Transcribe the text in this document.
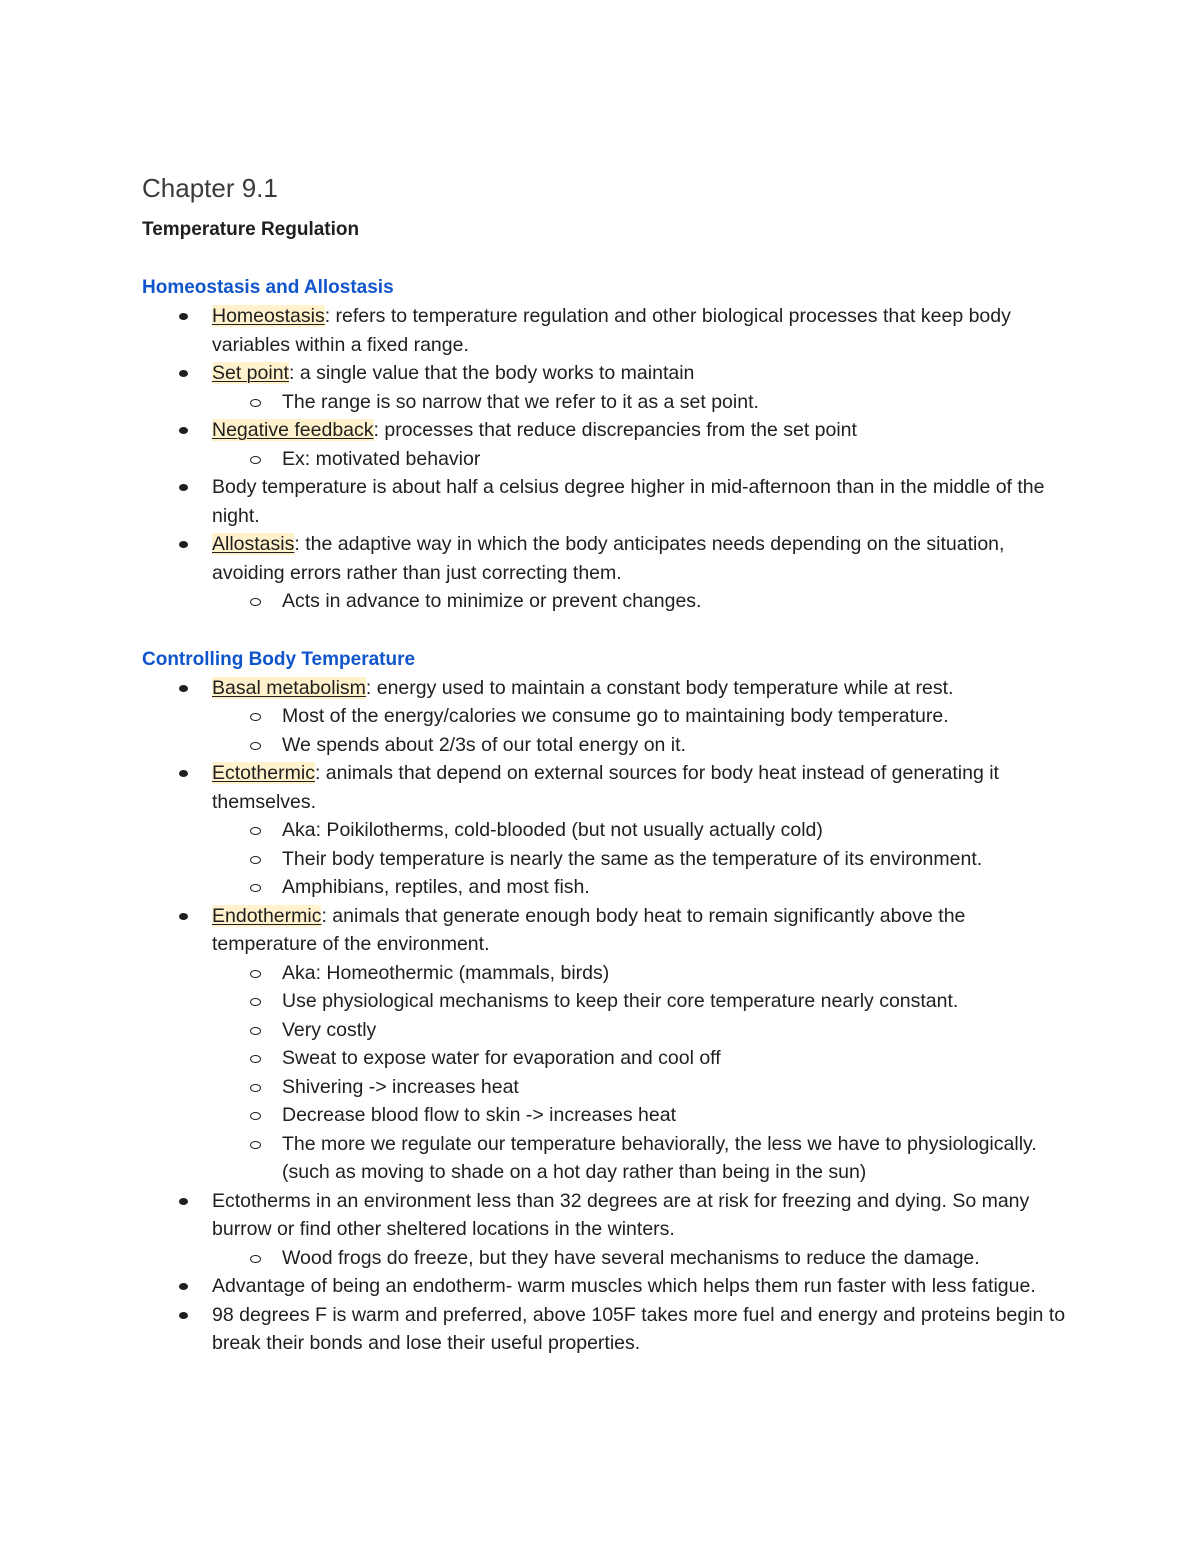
Chapter 9.1
Temperature Regulation
Homeostasis and Allostasis
Homeostasis: refers to temperature regulation and other biological processes that keep body variables within a fixed range.
Set point: a single value that the body works to maintain
The range is so narrow that we refer to it as a set point.
Negative feedback: processes that reduce discrepancies from the set point
Ex: motivated behavior
Body temperature is about half a celsius degree higher in mid-afternoon than in the middle of the night.
Allostasis: the adaptive way in which the body anticipates needs depending on the situation, avoiding errors rather than just correcting them.
Acts in advance to minimize or prevent changes.
Controlling Body Temperature
Basal metabolism: energy used to maintain a constant body temperature while at rest.
Most of the energy/calories we consume go to maintaining body temperature.
We spends about 2/3s of our total energy on it.
Ectothermic: animals that depend on external sources for body heat instead of generating it themselves.
Aka: Poikilotherms, cold-blooded (but not usually actually cold)
Their body temperature is nearly the same as the temperature of its environment.
Amphibians, reptiles, and most fish.
Endothermic: animals that generate enough body heat to remain significantly above the temperature of the environment.
Aka: Homeothermic (mammals, birds)
Use physiological mechanisms to keep their core temperature nearly constant.
Very costly
Sweat to expose water for evaporation and cool off
Shivering -> increases heat
Decrease blood flow to skin -> increases heat
The more we regulate our temperature behaviorally, the less we have to physiologically. (such as moving to shade on a hot day rather than being in the sun)
Ectotherms in an environment less than 32 degrees are at risk for freezing and dying. So many burrow or find other sheltered locations in the winters.
Wood frogs do freeze, but they have several mechanisms to reduce the damage.
Advantage of being an endotherm- warm muscles which helps them run faster with less fatigue.
98 degrees F is warm and preferred, above 105F takes more fuel and energy and proteins begin to break their bonds and lose their useful properties.
